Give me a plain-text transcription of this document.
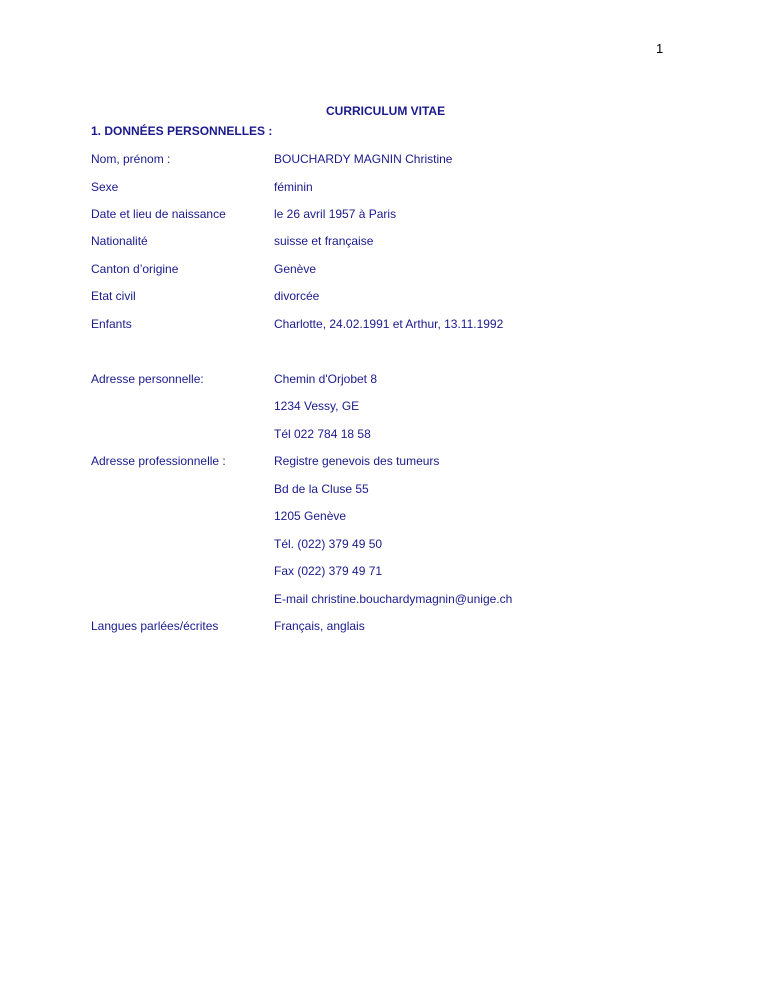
1
CURRICULUM VITAE
1. DONNÉES PERSONNELLES :
Nom, prénom :	BOUCHARDY MAGNIN Christine
Sexe	féminin
Date et lieu de naissance	le 26 avril 1957 à Paris
Nationalité	suisse et française
Canton d’origine	Genève
Etat civil	divorcée
Enfants	Charlotte, 24.02.1991 et Arthur, 13.11.1992
Adresse personnelle:	Chemin d'Orjobet 8
1234 Vessy, GE
Tél 022 784 18 58
Adresse professionnelle :	Registre genevois des tumeurs
Bd de la Cluse 55
1205 Genève
Tél. (022) 379 49 50
Fax (022) 379 49 71
E-mail christine.bouchardymagnin@unige.ch
Langues parlées/écrites	Français, anglais
